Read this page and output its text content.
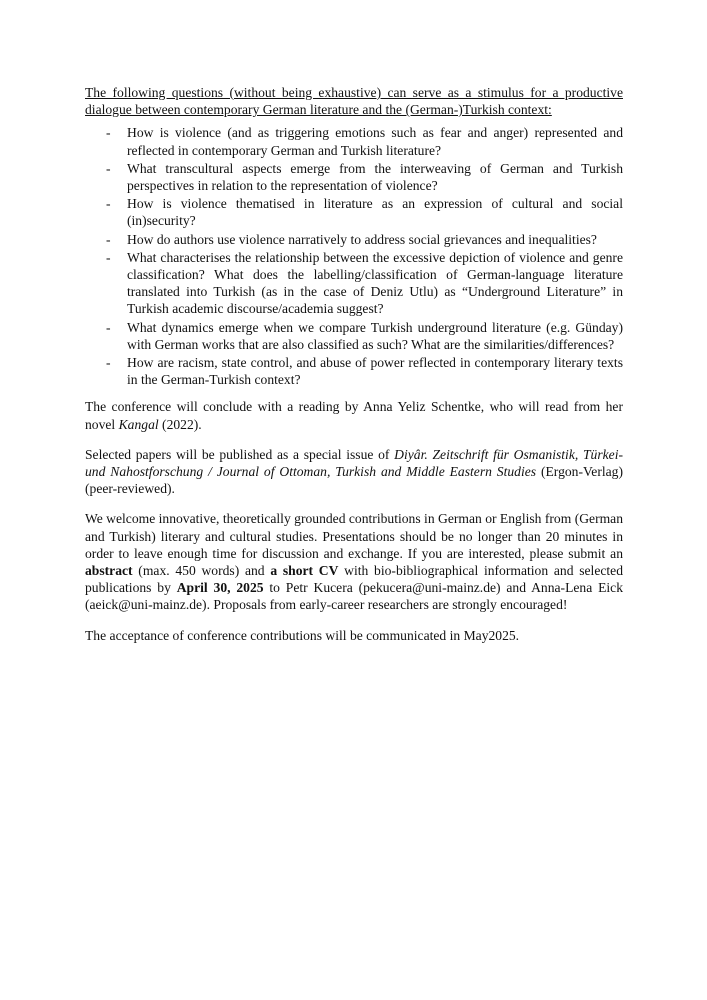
The following questions (without being exhaustive) can serve as a stimulus for a productive dialogue between contemporary German literature and the (German-)Turkish context:

- How is violence (and as triggering emotions such as fear and anger) represented and reflected in contemporary German and Turkish literature?
- What transcultural aspects emerge from the interweaving of German and Turkish perspectives in relation to the representation of violence?
- How is violence thematised in literature as an expression of cultural and social (in)security?
- How do authors use violence narratively to address social grievances and inequalities?
- What characterises the relationship between the excessive depiction of violence and genre classification? What does the labelling/classification of German-language literature translated into Turkish (as in the case of Deniz Utlu) as “Underground Literature” in Turkish academic discourse/academia suggest?
- What dynamics emerge when we compare Turkish underground literature (e.g. Günday) with German works that are also classified as such? What are the similarities/differences?
- How are racism, state control, and abuse of power reflected in contemporary literary texts in the German-Turkish context?

The conference will conclude with a reading by Anna Yeliz Schentke, who will read from her novel Kangal (2022).

Selected papers will be published as a special issue of Diyâr. Zeitschrift für Osmanistik, Türkei- und Nahostforschung / Journal of Ottoman, Turkish and Middle Eastern Studies (Ergon-Verlag) (peer-reviewed).

We welcome innovative, theoretically grounded contributions in German or English from (German and Turkish) literary and cultural studies. Presentations should be no longer than 20 minutes in order to leave enough time for discussion and exchange. If you are interested, please submit an abstract (max. 450 words) and a short CV with bio-bibliographical information and selected publications by April 30, 2025 to Petr Kucera (pekucera@uni-mainz.de) and Anna-Lena Eick (aeick@uni-mainz.de). Proposals from early-career researchers are strongly encouraged!

The acceptance of conference contributions will be communicated in May2025.
